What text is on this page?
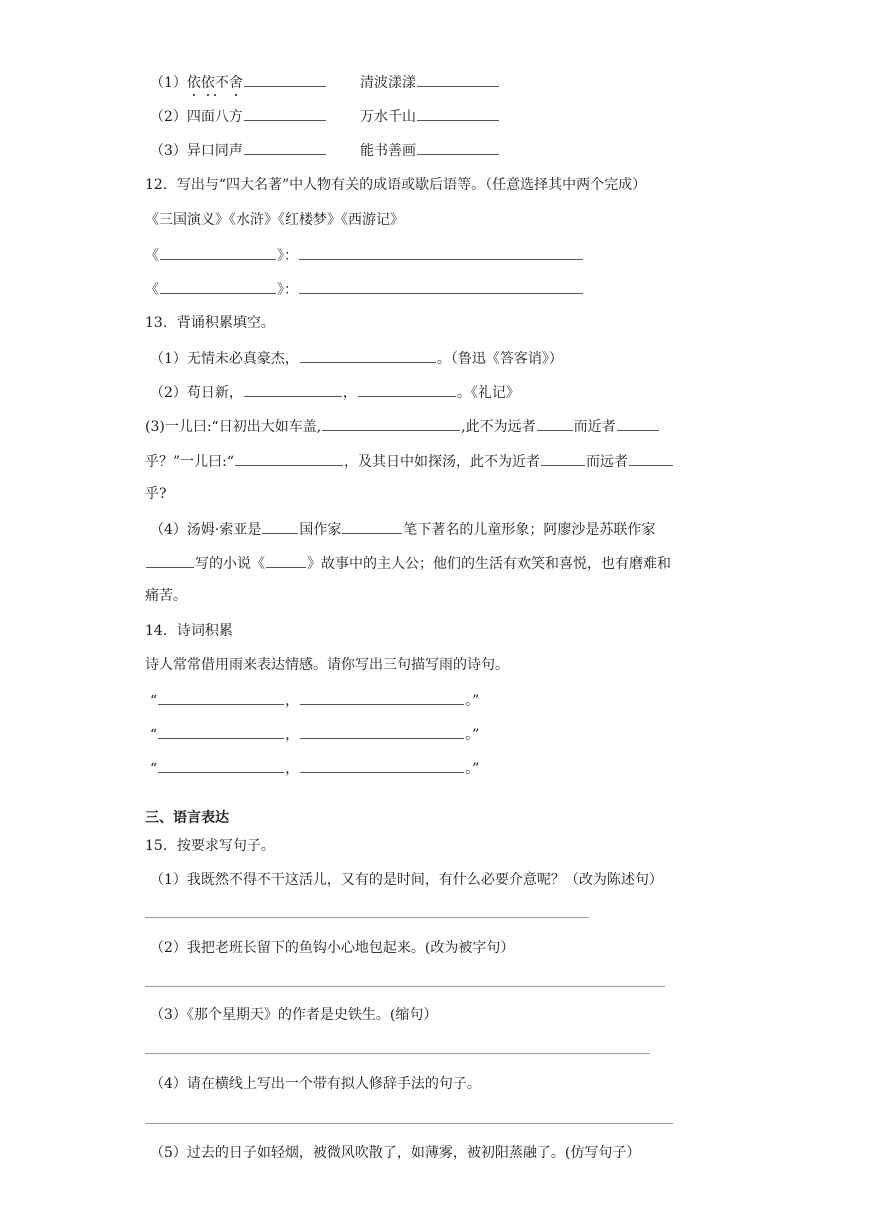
（1）依依不舍	清波漾漾
（2）四面八方	万水千山
（3）异口同声	能书善画
12．写出与“四大名著”中人物有关的成语或歇后语等。（任意选择其中两个完成）
《三国演义》《水浒》《红楼梦》《西游记》
《	》：
《	》：
13．背诵积累填空。
（1）无情未必真豪杰，	。（鲁迅《答客诮》）
（2）苟日新，	，	。《礼记》
(3)一儿曰:“日初出大如车盖,	,此不为远者	而近者
乎？”一儿曰:“	，及其日中如探汤，此不为近者	而远者
乎?
（4）汤姆·索亚是	国作家	笔下著名的儿童形象；阿廖沙是苏联作家
写的小说《	》故事中的主人公；他们的生活有欢笑和喜悦，也有磨难和
痛苦。
14．诗词积累
诗人常常借用雨来表达情感。请你写出三句描写雨的诗句。
“	，	。”
“	，	。”
“	，	。”
三、语言表达
15．按要求写句子。
（1）我既然不得不干这活儿，又有的是时间，有什么必要介意呢？（改为陈述句）
（2）我把老班长留下的鱼钩小心地包起来。(改为被字句）
（3）《那个星期天》的作者是史铁生。(缩句）
（4）请在横线上写出一个带有拟人修辞手法的句子。
（5）过去的日子如轻烟，被微风吹散了，如薄雾，被初阳蒸融了。(仿写句子）
